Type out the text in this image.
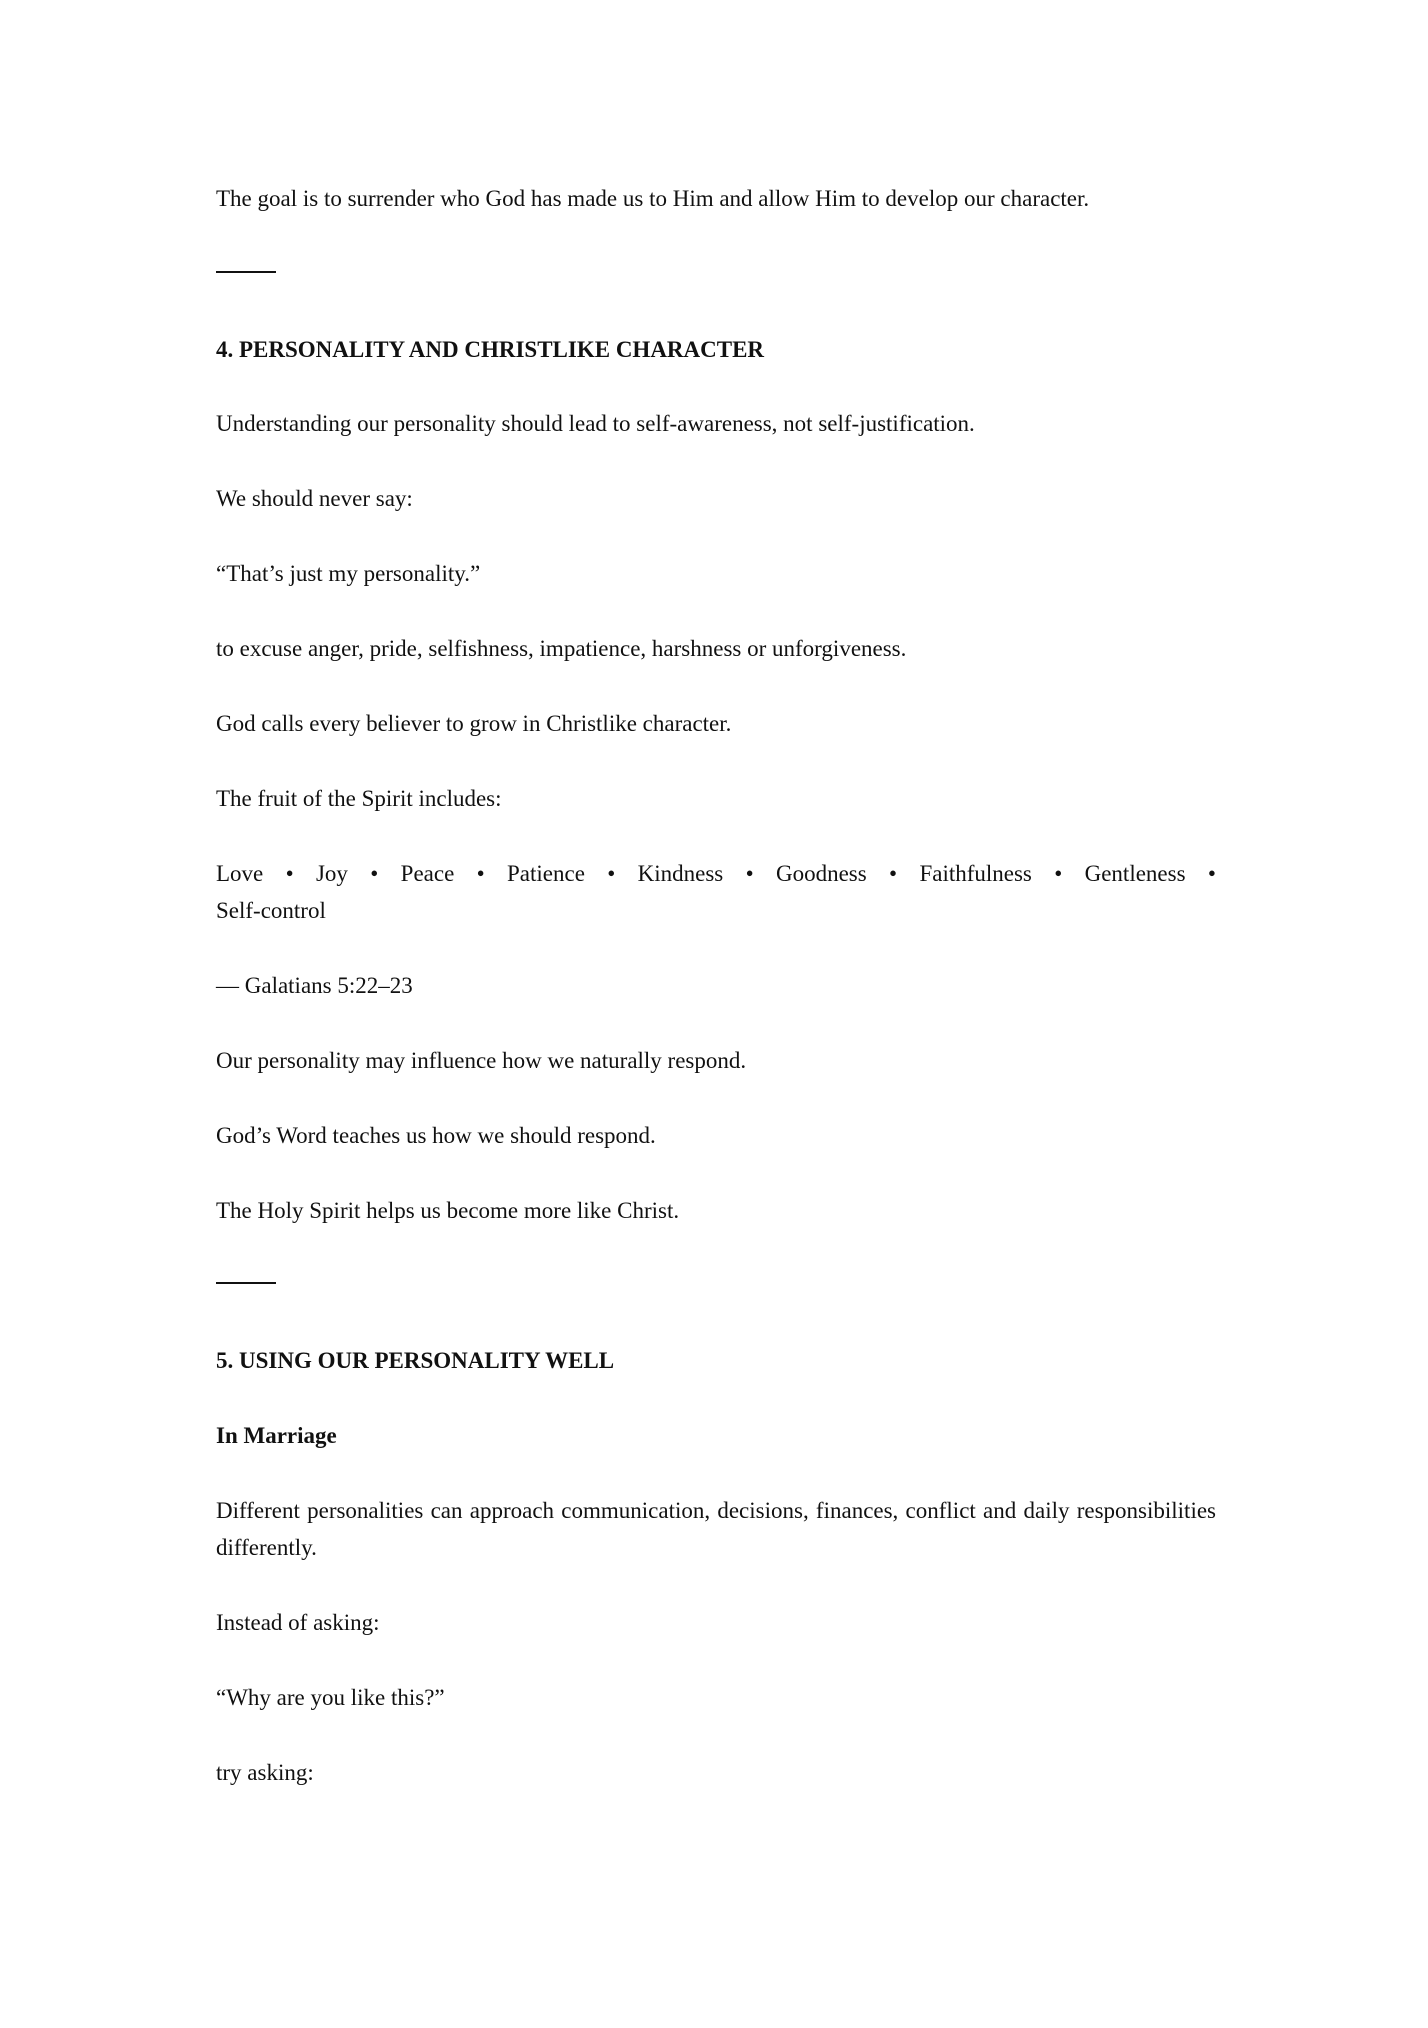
The goal is to surrender who God has made us to Him and allow Him to develop our character.
4. PERSONALITY AND CHRISTLIKE CHARACTER
Understanding our personality should lead to self-awareness, not self-justification.
We should never say:
“That’s just my personality.”
to excuse anger, pride, selfishness, impatience, harshness or unforgiveness.
God calls every believer to grow in Christlike character.
The fruit of the Spirit includes:
Love • Joy • Peace • Patience • Kindness • Goodness • Faithfulness • Gentleness •
Self-control
— Galatians 5:22–23
Our personality may influence how we naturally respond.
God’s Word teaches us how we should respond.
The Holy Spirit helps us become more like Christ.
5. USING OUR PERSONALITY WELL
In Marriage
Different personalities can approach communication, decisions, finances, conflict and daily responsibilities differently.
Instead of asking:
“Why are you like this?”
try asking:
